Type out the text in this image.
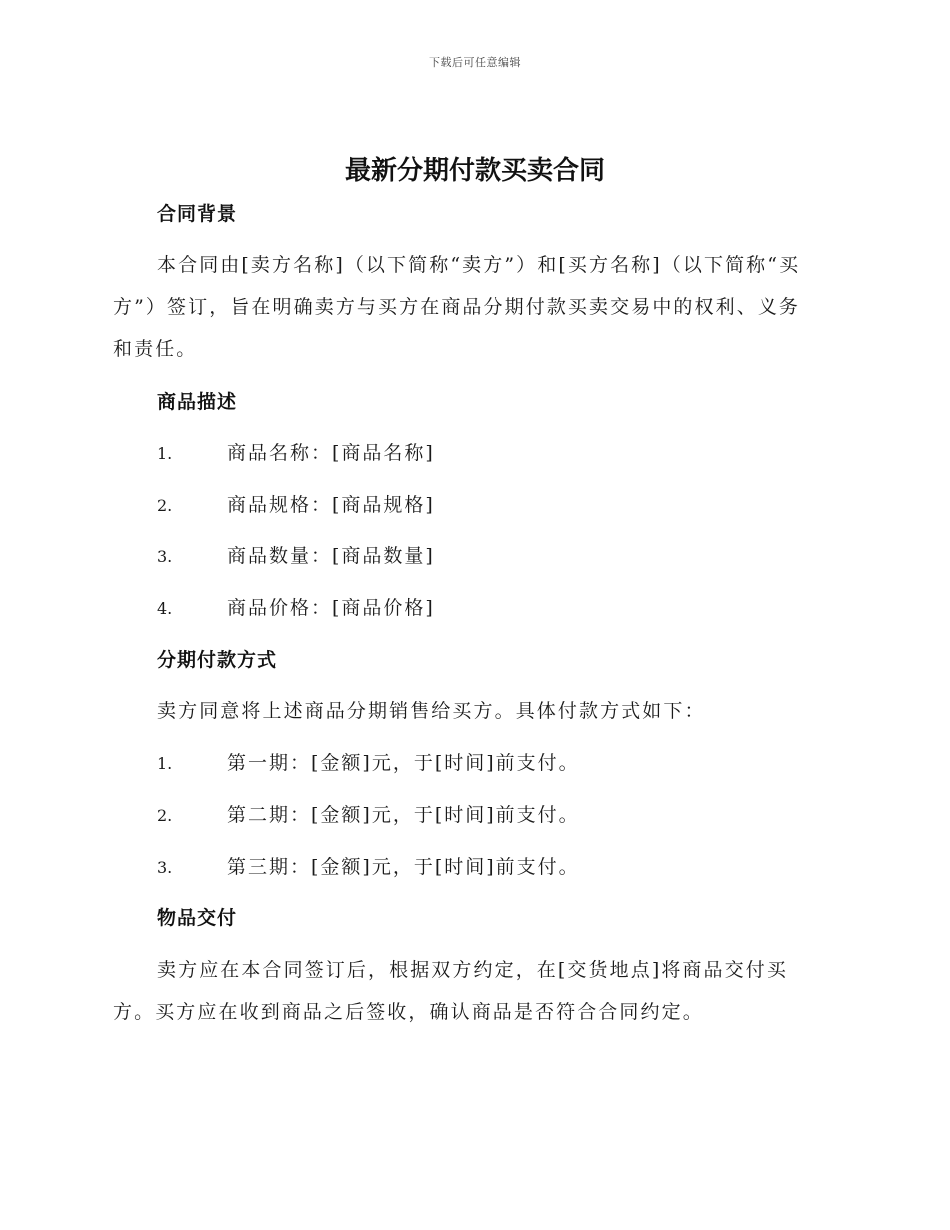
下载后可任意编辑
最新分期付款买卖合同
合同背景
本合同由[卖方名称]（以下简称“卖方”）和[买方名称]（以下简称“买
方”）签订，旨在明确卖方与买方在商品分期付款买卖交易中的权利、义务
和责任。
商品描述
1.	商品名称：[商品名称]
2.	商品规格：[商品规格]
3.	商品数量：[商品数量]
4.	商品价格：[商品价格]
分期付款方式
卖方同意将上述商品分期销售给买方。具体付款方式如下：
1.	第一期：[金额]元，于[时间]前支付。
2.	第二期：[金额]元，于[时间]前支付。
3.	第三期：[金额]元，于[时间]前支付。
物品交付
卖方应在本合同签订后，根据双方约定，在[交货地点]将商品交付买
方。买方应在收到商品之后签收，确认商品是否符合合同约定。
